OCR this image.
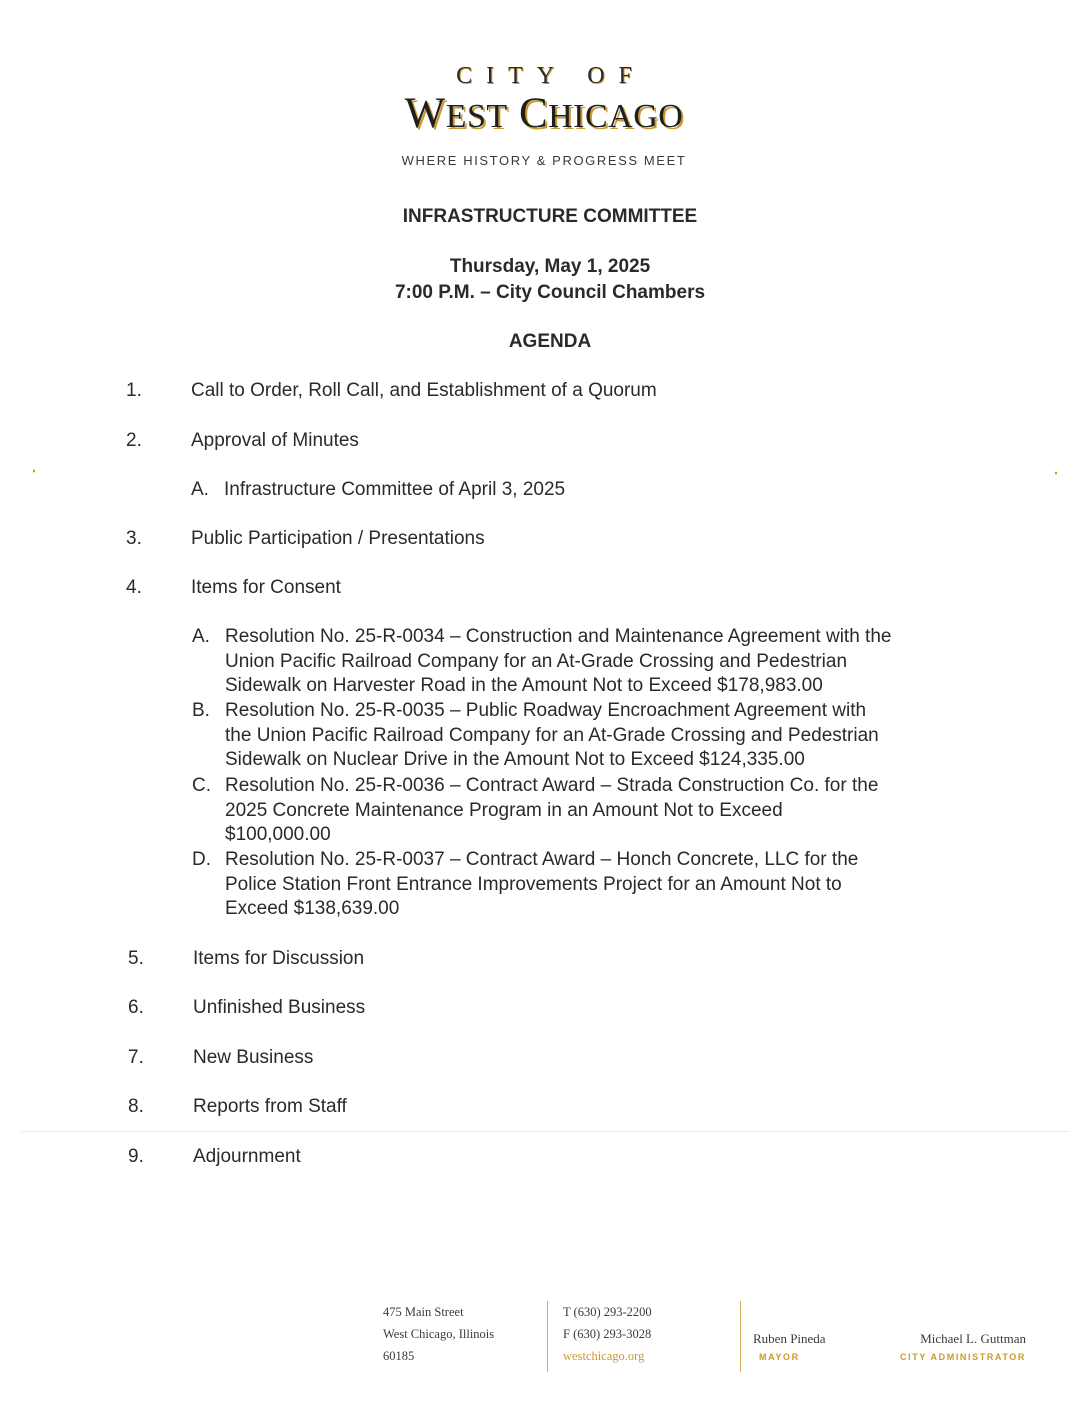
CITY OF
WEST CHICAGO
WHERE HISTORY & PROGRESS MEET
INFRASTRUCTURE COMMITTEE
Thursday, May 1, 2025
7:00 P.M. – City Council Chambers
AGENDA
1.	Call to Order, Roll Call, and Establishment of a Quorum
2.	Approval of Minutes
A. Infrastructure Committee of April 3, 2025
3.	Public Participation / Presentations
4.	Items for Consent
A. Resolution No. 25-R-0034 – Construction and Maintenance Agreement with the
Union Pacific Railroad Company for an At-Grade Crossing and Pedestrian
Sidewalk on Harvester Road in the Amount Not to Exceed $178,983.00
B. Resolution No. 25-R-0035 – Public Roadway Encroachment Agreement with
the Union Pacific Railroad Company for an At-Grade Crossing and Pedestrian
Sidewalk on Nuclear Drive in the Amount Not to Exceed $124,335.00
C. Resolution No. 25-R-0036 – Contract Award – Strada Construction Co. for the
2025 Concrete Maintenance Program in an Amount Not to Exceed
$100,000.00
D. Resolution No. 25-R-0037 – Contract Award – Honch Concrete, LLC for the
Police Station Front Entrance Improvements Project for an Amount Not to
Exceed $138,639.00
5.	Items for Discussion
6.	Unfinished Business
7.	New Business
8.	Reports from Staff
9.	Adjournment
475 Main Street
West Chicago, Illinois
60185
T (630) 293-2200
F (630) 293-3028
westchicago.org
Ruben Pineda
MAYOR
Michael L. Guttman
CITY ADMINISTRATOR
